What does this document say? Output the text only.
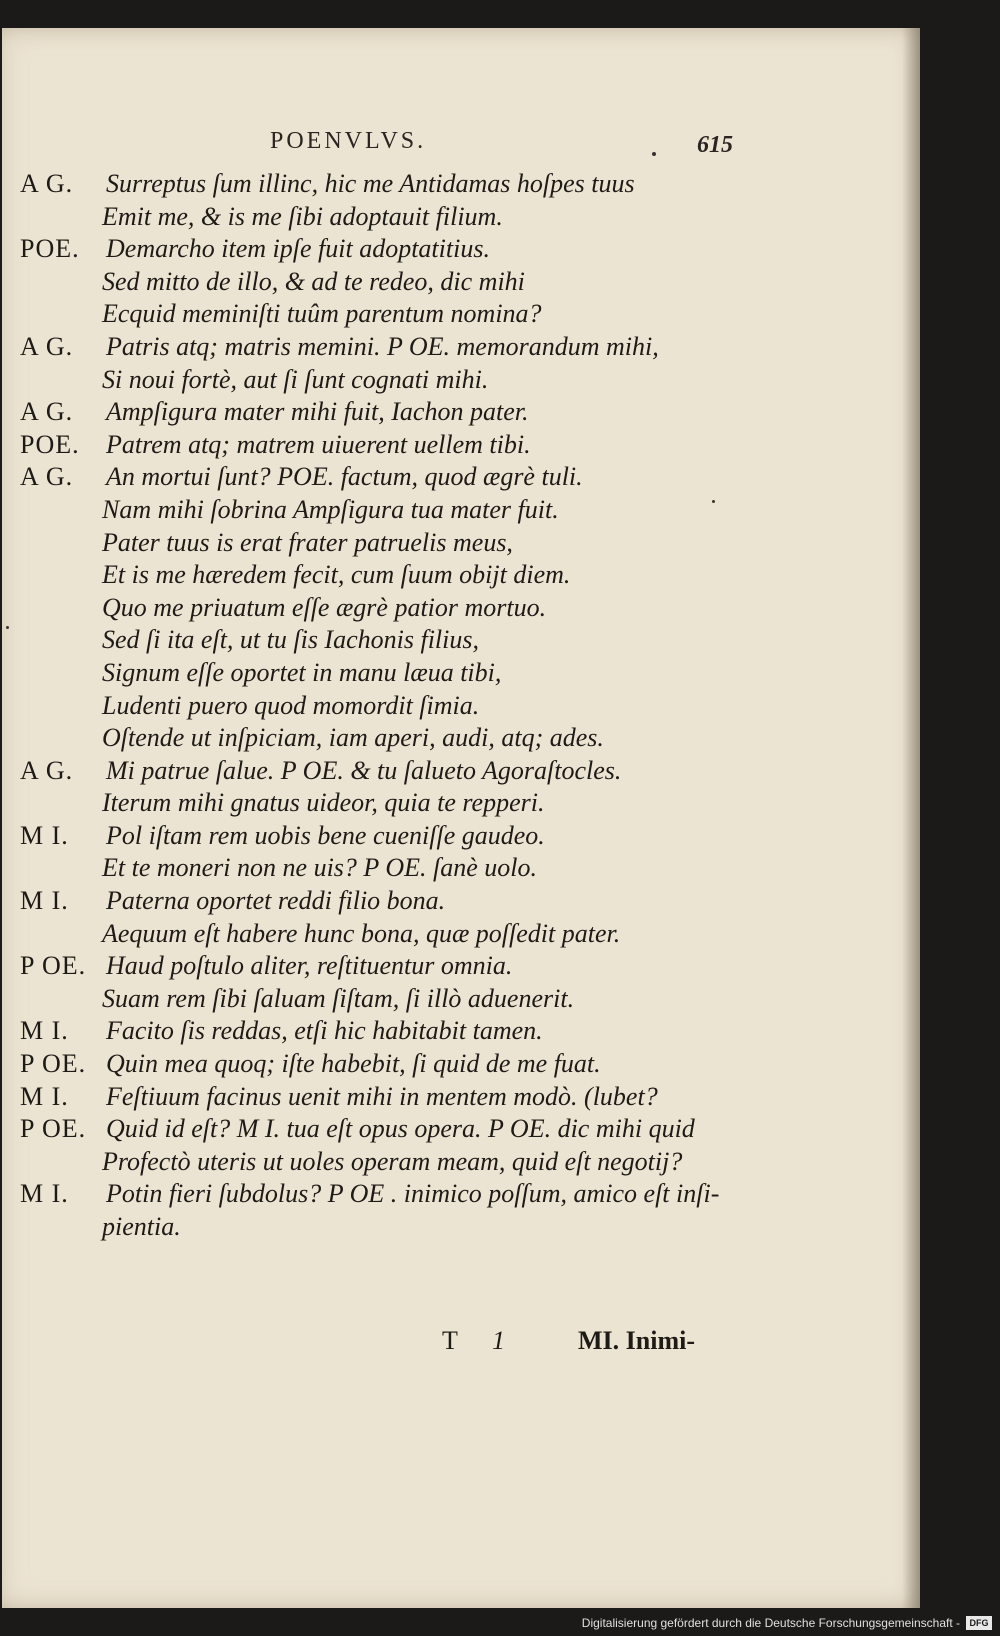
POENVLVS.	615
A G. Surreptus ſum illinc, hic me Antidamas hoſpes tuus
Emit me, & is me ſibi adoptauit filium.
POE. Demarcho item ipſe fuit adoptatitius.
Sed mitto de illo, & ad te redeo, dic mihi
Ecquid meminiſti tuûm parentum nomina?
A G. Patris atq; matris memini. P OE. memorandum mihi,
Si noui fortè, aut ſi ſunt cognati mihi.
A G. Ampſigura mater mihi fuit, Iachon pater.
POE. Patrem atq; matrem uiuerent uellem tibi.
A G. An mortui ſunt? POE. factum, quod ægrè tuli.
Nam mihi ſobrina Ampſigura tua mater fuit.
Pater tuus is erat frater patruelis meus,
Et is me hæredem fecit, cum ſuum obijt diem.
Quo me priuatum eſſe ægrè patior mortuo.
Sed ſi ita eſt, ut tu ſis Iachonis filius,
Signum eſſe oportet in manu læua tibi,
Ludenti puero quod momordit ſimia.
Oſtende ut inſpiciam, iam aperi, audi, atq; ades.
A G. Mi patrue ſalue. P OE. & tu ſalueto Agoraſtocles.
Iterum mihi gnatus uideor, quia te repperi.
M I. Pol iſtam rem uobis bene cueniſſe gaudeo.
Et te moneri non ne uis? P OE. ſanè uolo.
M I. Paterna oportet reddi filio bona.
Aequum eſt habere hunc bona, quæ poſſedit pater.
P OE. Haud poſtulo aliter, reſtituentur omnia.
Suam rem ſibi ſaluam ſiſtam, ſi illò aduenerit.
M I. Facito ſis reddas, etſi hic habitabit tamen.
P OE. Quin mea quoq; iſte habebit, ſi quid de me fuat.
M I. Feſtiuum facinus uenit mihi in mentem modò. (lubet?
P OE. Quid id eſt? M I. tua eſt opus opera. P OE. dic mihi quid
Profectò uteris ut uoles operam meam, quid eſt negotij?
M I. Potin fieri ſubdolus? P OE . inimico poſſum, amico eſt inſi-
pientia.
T 1	MI. Inimi-
Digitalisierung gefördert durch die Deutsche Forschungsgemeinschaft -	DFG
